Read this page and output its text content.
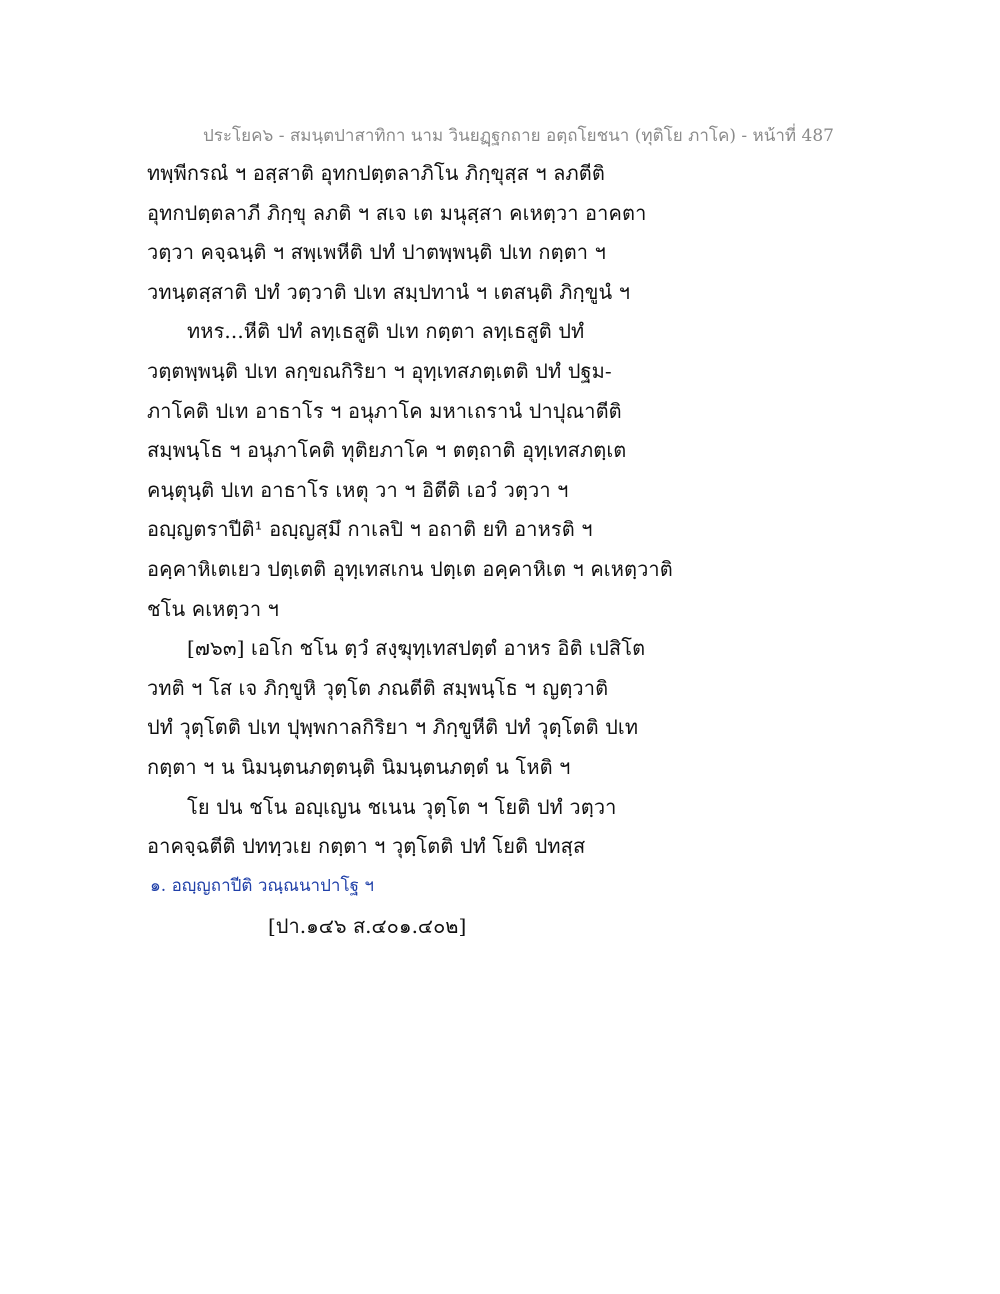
ประโยค๖ - สมนฺตปาสาทิกา นาม วินยฏฺฐกถาย อตฺถโยชนา (ทุติโย ภาโค) - หน้าที่ 487
ทพฺพีกรณํ ฯ อสฺสาติ อุทกปตฺตลาภิโน ภิกฺขุสฺส ฯ ลภตีติ
อุทกปตฺตลาภี ภิกฺขุ ลภติ ฯ สเจ เต มนุสฺสา คเหตฺวา อาคตา
วตฺวา คจฺฉนฺติ ฯ สพฺเพหีติ ปทํ ปาตพฺพนฺติ ปเท กตฺตา ฯ
วทนฺตสฺสาติ ปทํ วตฺวาติ ปเท สมฺปทานํ ฯ เตสนฺติ ภิกฺขูนํ ฯ
ทหร...หีติ ปทํ ลทฺเธสูติ ปเท กตฺตา ลทฺเธสูติ ปทํ
วตฺตพฺพนฺติ ปเท ลกฺขณกิริยา ฯ อุทฺเทสภตฺเตติ ปทํ ปฐม-
ภาโคติ ปเท อาธาโร ฯ อนุภาโค มหาเถรานํ ปาปุณาตีติ
สมฺพนฺโธ ฯ อนุภาโคติ ทุติยภาโค ฯ ตตฺถาติ อุทฺเทสภตฺเต
คนฺตุนฺติ ปเท อาธาโร เหตุ วา ฯ อิตีติ เอวํ วตฺวา ฯ
อญฺญตราปีติ¹ อญฺญสฺมึ กาเลปิ ฯ อถาติ ยทิ อาหรติ ฯ
อคฺคาหิเตเยว ปตฺเตติ อุทฺเทสเกน ปตฺเต อคฺคาหิเต ฯ คเหตฺวาติ
ชโน คเหตฺวา ฯ
[๗๖๓] เอโก ชโน ตฺวํ สงฺฆุทฺเทสปตฺตํ อาหร อิติ เปสิโต
วทติ ฯ โส เจ ภิกฺขูหิ วุตฺโต ภณตีติ สมฺพนฺโธ ฯ ญตฺวาติ
ปทํ วุตฺโตติ ปเท ปุพฺพกาลกิริยา ฯ ภิกฺขูหีติ ปทํ วุตฺโตติ ปเท
กตฺตา ฯ น นิมนฺตนภตฺตนฺติ นิมนฺตนภตฺตํ น โหติ ฯ
โย ปน ชโน อญฺเญน ชเนน วุตฺโต ฯ โยติ ปทํ วตฺวา
อาคจฺฉตีติ ปททฺวเย กตฺตา ฯ วุตฺโตติ ปทํ โยติ ปทสฺส
๑. อญฺญถาปีติ วณฺณนาปาโฐ ฯ
[ปา.๑๔๖ ส.๔๐๑.๔๐๒]
